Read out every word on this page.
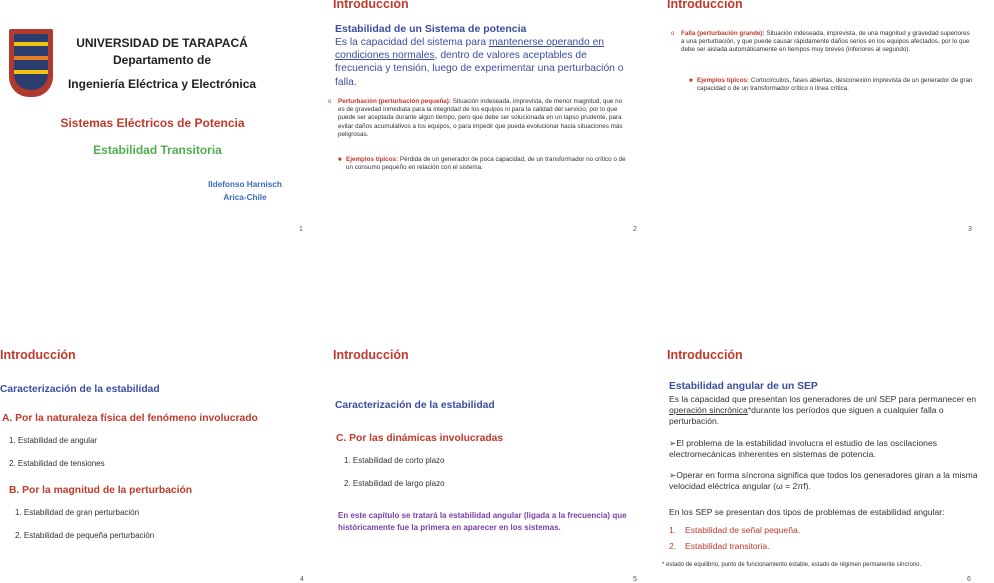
UNIVERSIDAD DE TARAPACÁ
Departamento de
Ingeniería Eléctrica y Electrónica
Sistemas Eléctricos de Potencia
Estabilidad Transitoria
Ildefonso Harnisch
Arica-Chile
1
Introducción
Estabilidad de un Sistema de potencia
Es la capacidad del sistema para mantenerse operando en condiciones normales, dentro de valores aceptables de frecuencia y tensión, luego de experimentar una perturbación o falla.
o Perturbación (perturbación pequeña): Situación indeseada, imprevista, de menor magnitud, que no es de gravedad inmediata para la integridad de los equipos ni para la calidad del servicio, por lo que puede ser aceptada durante algún tiempo, pero que debe ser solucionada en un lapso prudente, para evitar daños acumulativos a los equipos, o para impedir que pueda evolucionar hacia situaciones más peligrosas.
■ Ejemplos típicos: Pérdida de un generador de poca capacidad, de un transformador no crítico o de un consumo pequeño en relación con el sistema.
2
Introducción
o Falla (perturbación grande): Situación indeseada, imprevista, de una magnitud y gravedad superiores a una perturbación, y que puede causar rápidamente daños serios en los equipos afectados, por lo que debe ser aislada automáticamente en tiempos muy breves (inferiores al segundo).
■ Ejemplos típicos: Cortocircuitos, fases abiertas, desconexión imprevista de un generador de gran capacidad o de un transformador crítico o línea crítica.
3
Introducción
Caracterización de la estabilidad
A. Por la naturaleza física del fenómeno involucrado
1. Estabilidad de angular
2. Estabilidad de tensiones
B. Por la magnitud de la perturbación
1. Estabilidad de gran perturbación
2. Estabilidad de pequeña perturbación
4
Introducción
Caracterización de la estabilidad
C. Por las dinámicas involucradas
1. Estabilidad de corto plazo
2. Estabilidad de largo plazo
En este capítulo se tratará la estabilidad angular (ligada a la frecuencia) que históricamente fue la primera en aparecer en los sistemas.
5
Introducción
Estabilidad angular de un SEP
Es la capacidad que presentan los generadores de unl SEP para permanecer en operación sincrónica*durante los períodos que siguen a cualquier falla o perturbación.
➢El problema de la estabilidad involucra el estudio de las oscilaciones electromecánicas inherentes en sistemas de potencia.
➢Operar en forma síncrona significa que todos los generadores giran a la misma velocidad eléctrica angular (ω = 2πf).
En los SEP se presentan dos tipos de problemas de estabilidad angular:
1. Estabilidad de señal pequeña.
2. Estabilidad transitoria.
* estado de equilibrio, punto de funcionamiento estable, estado de régimen permanente síncrono.
6
